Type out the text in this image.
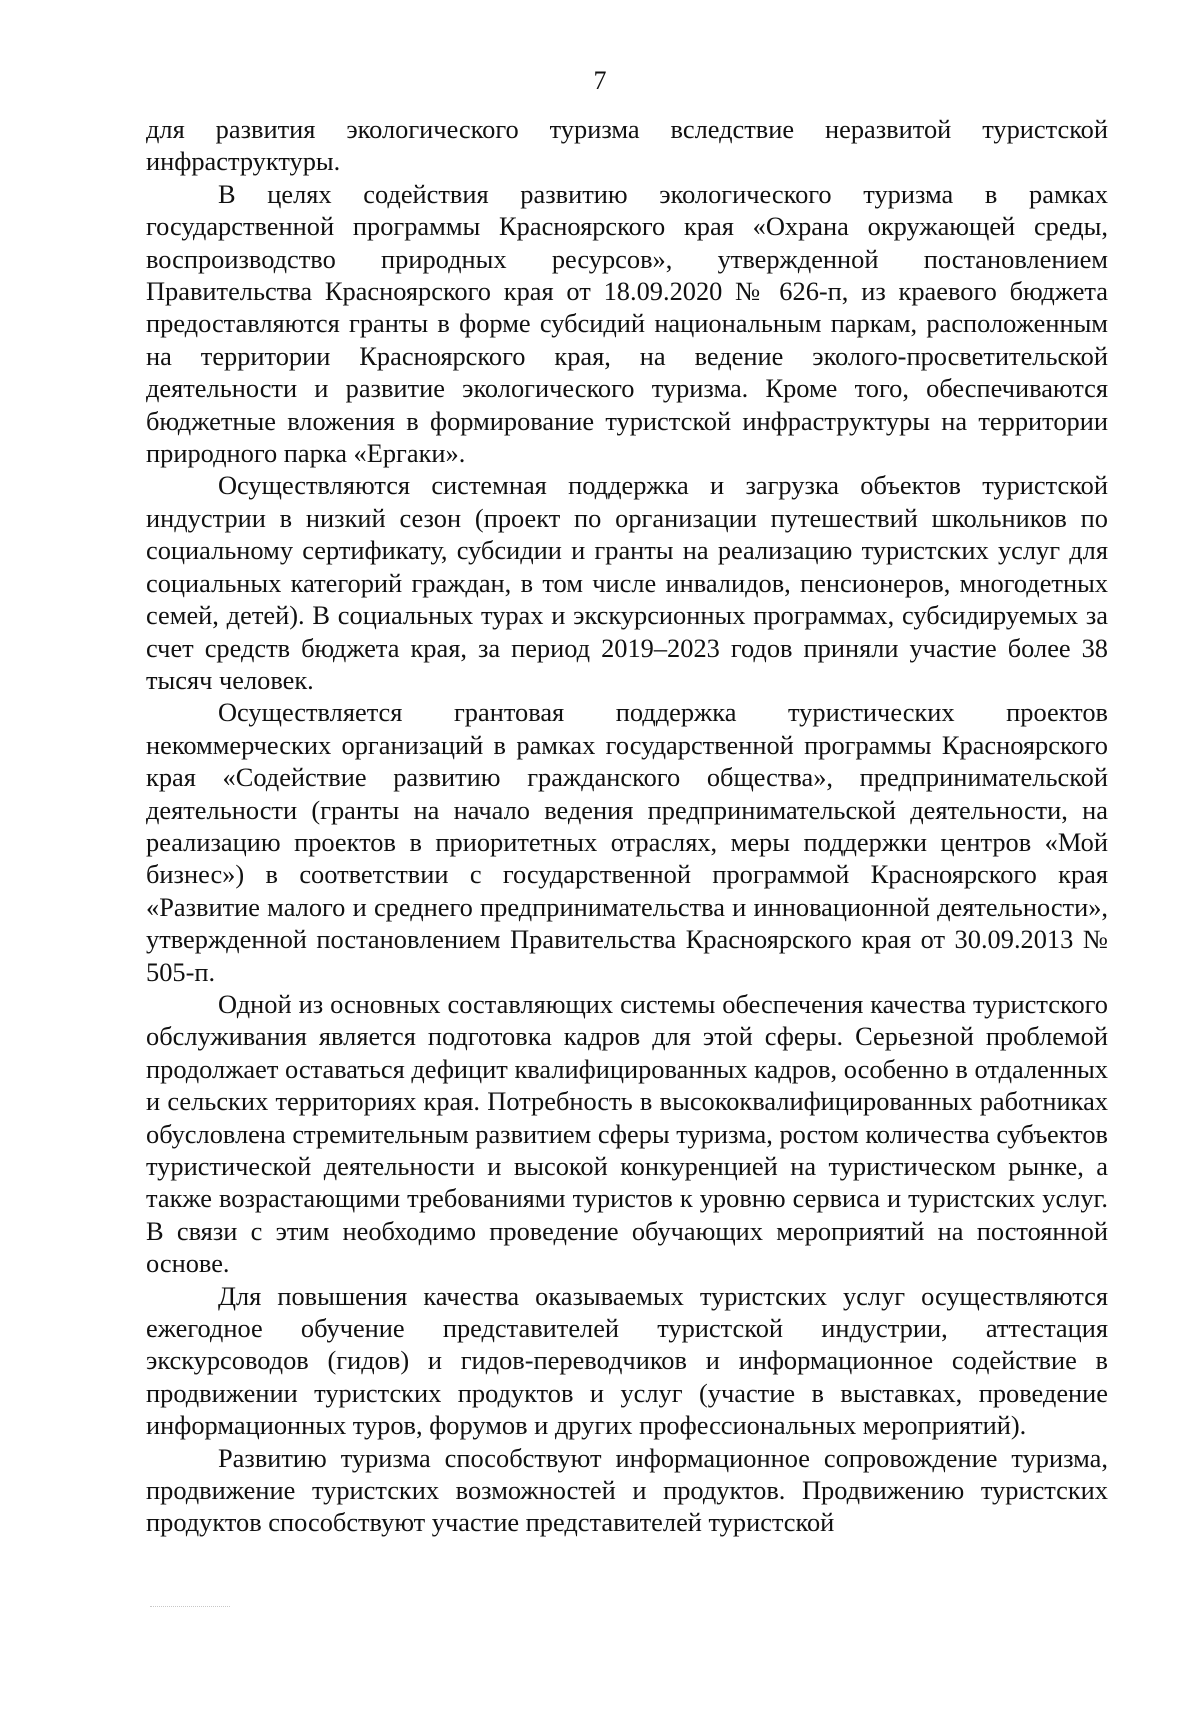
7

для развития экологического туризма вследствие неразвитой туристской инфраструктуры.

В целях содействия развитию экологического туризма в рамках государственной программы Красноярского края «Охрана окружающей среды, воспроизводство природных ресурсов», утвержденной постановлением Правительства Красноярского края от 18.09.2020 № 626-п, из краевого бюджета предоставляются гранты в форме субсидий национальным паркам, расположенным на территории Красноярского края, на ведение эколого-просветительской деятельности и развитие экологического туризма. Кроме того, обеспечиваются бюджетные вложения в формирование туристской инфраструктуры на территории природного парка «Ергаки».

Осуществляются системная поддержка и загрузка объектов туристской индустрии в низкий сезон (проект по организации путешествий школьников по социальному сертификату, субсидии и гранты на реализацию туристских услуг для социальных категорий граждан, в том числе инвалидов, пенсионеров, многодетных семей, детей). В социальных турах и экскурсионных программах, субсидируемых за счет средств бюджета края, за период 2019–2023 годов приняли участие более 38 тысяч человек.

Осуществляется грантовая поддержка туристических проектов некоммерческих организаций в рамках государственной программы Красноярского края «Содействие развитию гражданского общества», предпринимательской деятельности (гранты на начало ведения предпринимательской деятельности, на реализацию проектов в приоритетных отраслях, меры поддержки центров «Мой бизнес») в соответствии с государственной программой Красноярского края «Развитие малого и среднего предпринимательства и инновационной деятельности», утвержденной постановлением Правительства Красноярского края от 30.09.2013 № 505-п.

Одной из основных составляющих системы обеспечения качества туристского обслуживания является подготовка кадров для этой сферы. Серьезной проблемой продолжает оставаться дефицит квалифицированных кадров, особенно в отдаленных и сельских территориях края. Потребность в высококвалифицированных работниках обусловлена стремительным развитием сферы туризма, ростом количества субъектов туристической деятельности и высокой конкуренцией на туристическом рынке, а также возрастающими требованиями туристов к уровню сервиса и туристских услуг. В связи с этим необходимо проведение обучающих мероприятий на постоянной основе.

Для повышения качества оказываемых туристских услуг осуществляются ежегодное обучение представителей туристской индустрии, аттестация экскурсоводов (гидов) и гидов-переводчиков и информационное содействие в продвижении туристских продуктов и услуг (участие в выставках, проведение информационных туров, форумов и других профессиональных мероприятий).

Развитию туризма способствуют информационное сопровождение туризма, продвижение туристских возможностей и продуктов. Продвижению туристских продуктов способствуют участие представителей туристской
